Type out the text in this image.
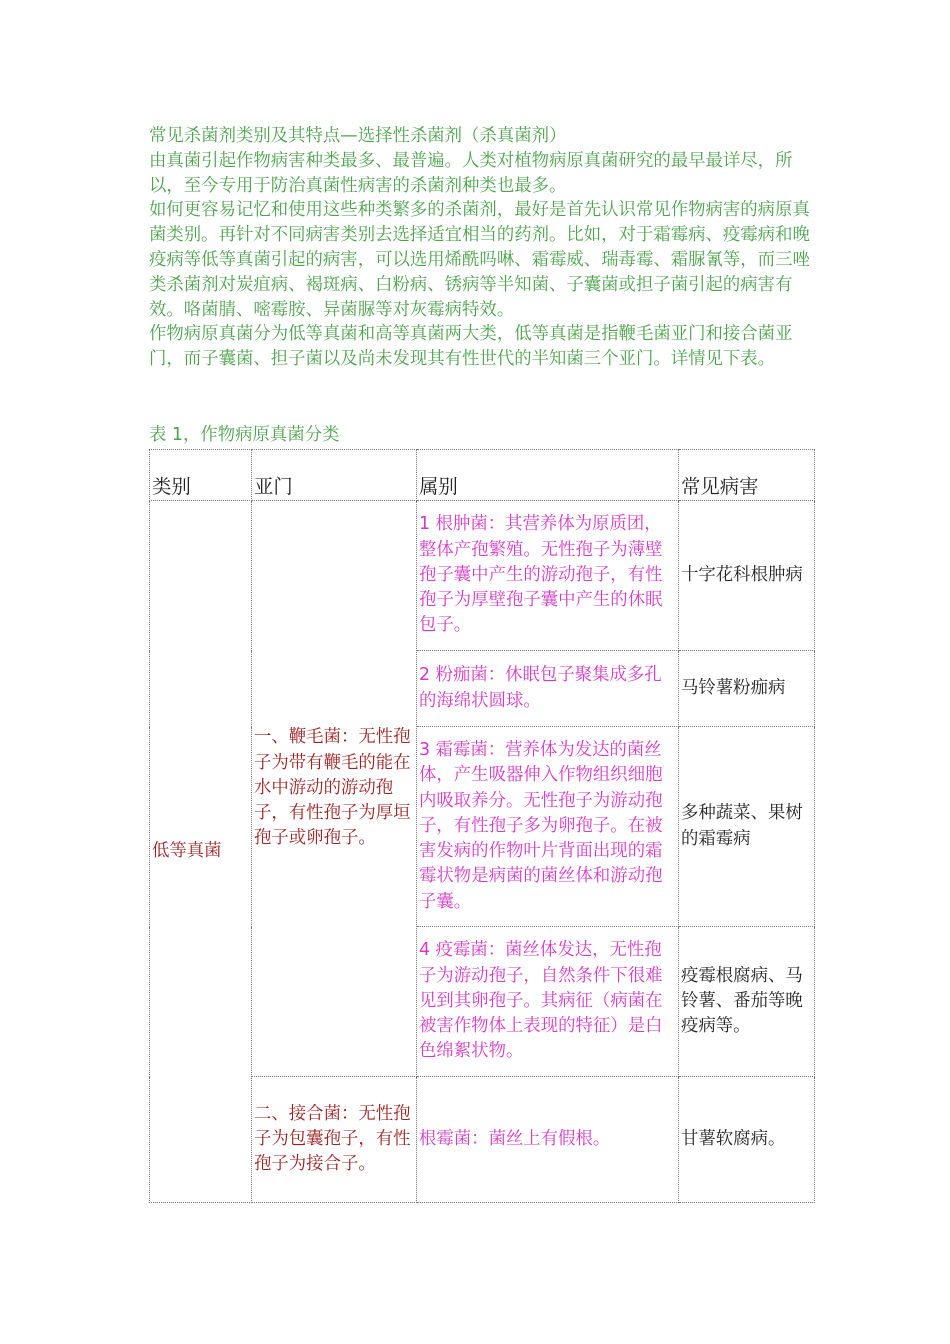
常见杀菌剂类别及其特点—选择性杀菌剂（杀真菌剂）

由真菌引起作物病害种类最多、最普遍。人类对植物病原真菌研究的最早最详尽，所以，至今专用于防治真菌性病害的杀菌剂种类也最多。

如何更容易记忆和使用这些种类繁多的杀菌剂，最好是首先认识常见作物病害的病原真菌类别。再针对不同病害类别去选择适宜相当的药剂。比如，对于霜霉病、疫霉病和晚疫病等低等真菌引起的病害，可以选用烯酰吗啉、霜霉威、瑞毒霉、霜脲氰等，而三唑类杀菌剂对炭疽病、褐斑病、白粉病、锈病等半知菌、子囊菌或担子菌引起的病害有效。咯菌腈、嘧霉胺、异菌脲等对灰霉病特效。

作物病原真菌分为低等真菌和高等真菌两大类，低等真菌是指鞭毛菌亚门和接合菌亚门，而子囊菌、担子菌以及尚未发现其有性世代的半知菌三个亚门。详情见下表。

表 1，作物病原真菌分类
类别	亚门	属别	常见病害
低等真菌	一、鞭毛菌：无性孢子为带有鞭毛的能在水中游动的游动孢子，有性孢子为厚垣孢子或卵孢子。	1 根肿菌：其营养体为原质团，整体产孢繁殖。无性孢子为薄壁孢子囊中产生的游动孢子，有性孢子为厚壁孢子囊中产生的休眠包子。	十字花科根肿病
		2 粉痂菌：休眠包子聚集成多孔的海绵状圆球。	马铃薯粉痂病
		3 霜霉菌：营养体为发达的菌丝体，产生吸器伸入作物组织细胞内吸取养分。无性孢子为游动孢子，有性孢子多为卵孢子。在被害发病的作物叶片背面出现的霜霉状物是病菌的菌丝体和游动孢子囊。	多种蔬菜、果树的霜霉病
		4 疫霉菌：菌丝体发达，无性孢子为游动孢子，自然条件下很难见到其卵孢子。其病征（病菌在被害作物体上表现的特征）是白色绵絮状物。	疫霉根腐病、马铃薯、番茄等晚疫病等。
	二、接合菌：无性孢子为包囊孢子，有性孢子为接合子。	根霉菌：菌丝上有假根。	甘薯软腐病。
